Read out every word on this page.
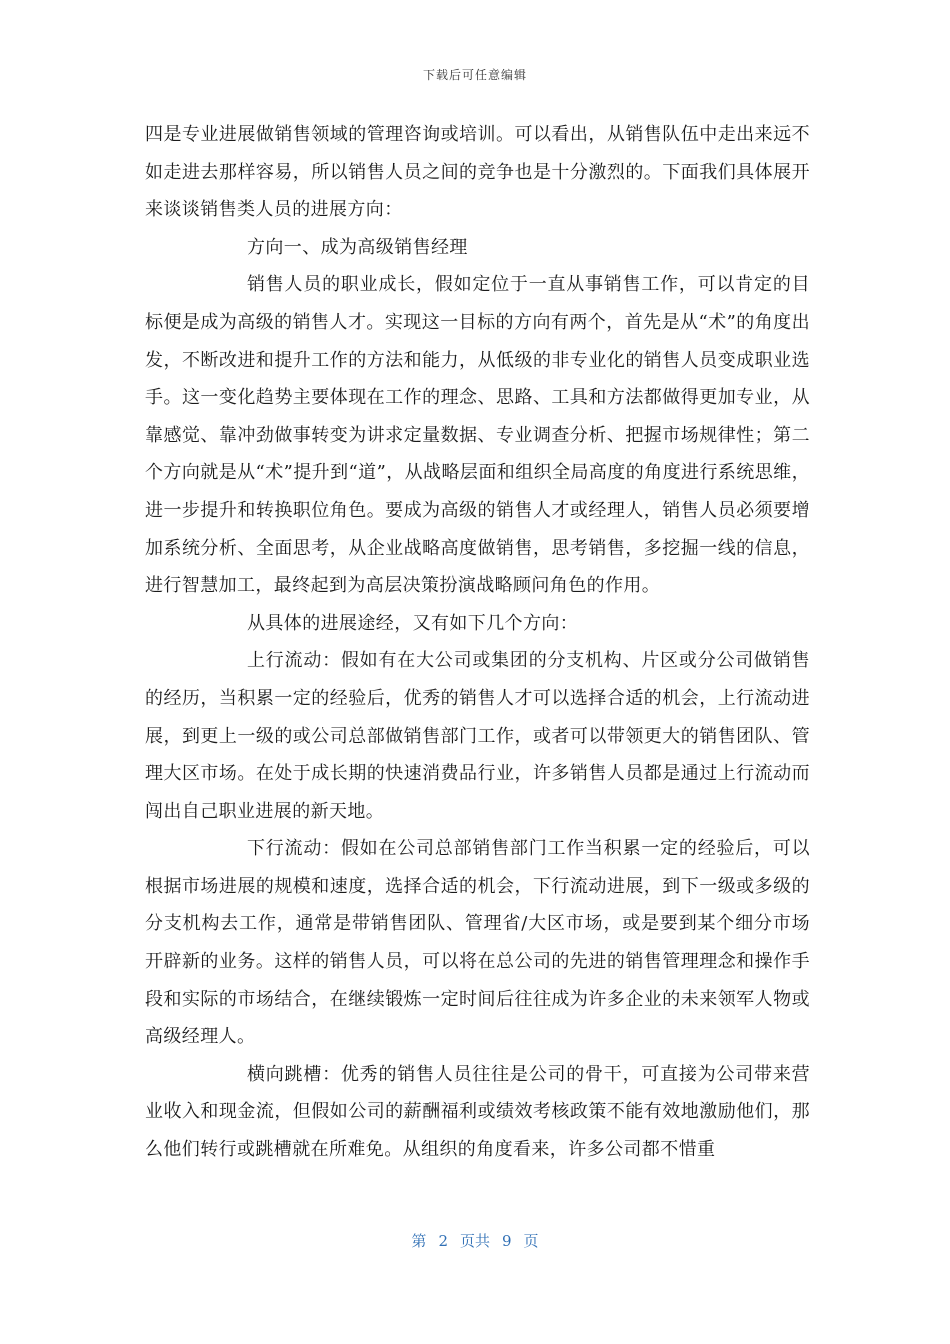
下载后可任意编辑

四是专业进展做销售领域的管理咨询或培训。可以看出，从销售队伍中走出来远不如走进去那样容易，所以销售人员之间的竞争也是十分激烈的。下面我们具体展开来谈谈销售类人员的进展方向：

方向一、成为高级销售经理

销售人员的职业成长，假如定位于一直从事销售工作，可以肯定的目标便是成为高级的销售人才。实现这一目标的方向有两个，首先是从“术”的角度出发，不断改进和提升工作的方法和能力，从低级的非专业化的销售人员变成职业选手。这一变化趋势主要体现在工作的理念、思路、工具和方法都做得更加专业，从靠感觉、靠冲劲做事转变为讲求定量数据、专业调查分析、把握市场规律性；第二个方向就是从“术”提升到“道”，从战略层面和组织全局高度的角度进行系统思维，进一步提升和转换职位角色。要成为高级的销售人才或经理人，销售人员必须要增加系统分析、全面思考，从企业战略高度做销售，思考销售，多挖掘一线的信息，进行智慧加工，最终起到为高层决策扮演战略顾问角色的作用。

从具体的进展途经，又有如下几个方向：

上行流动：假如有在大公司或集团的分支机构、片区或分公司做销售的经历，当积累一定的经验后，优秀的销售人才可以选择合适的机会，上行流动进展，到更上一级的或公司总部做销售部门工作，或者可以带领更大的销售团队、管理大区市场。在处于成长期的快速消费品行业，许多销售人员都是通过上行流动而闯出自己职业进展的新天地。

下行流动：假如在公司总部销售部门工作当积累一定的经验后，可以根据市场进展的规模和速度，选择合适的机会，下行流动进展，到下一级或多级的分支机构去工作，通常是带销售团队、管理省/大区市场，或是要到某个细分市场开辟新的业务。这样的销售人员，可以将在总公司的先进的销售管理理念和操作手段和实际的市场结合，在继续锻炼一定时间后往往成为许多企业的未来领军人物或高级经理人。

横向跳槽：优秀的销售人员往往是公司的骨干，可直接为公司带来营业收入和现金流，但假如公司的薪酬福利或绩效考核政策不能有效地激励他们，那么他们转行或跳槽就在所难免。从组织的角度看来，许多公司都不惜重

第 2 页共 9 页
